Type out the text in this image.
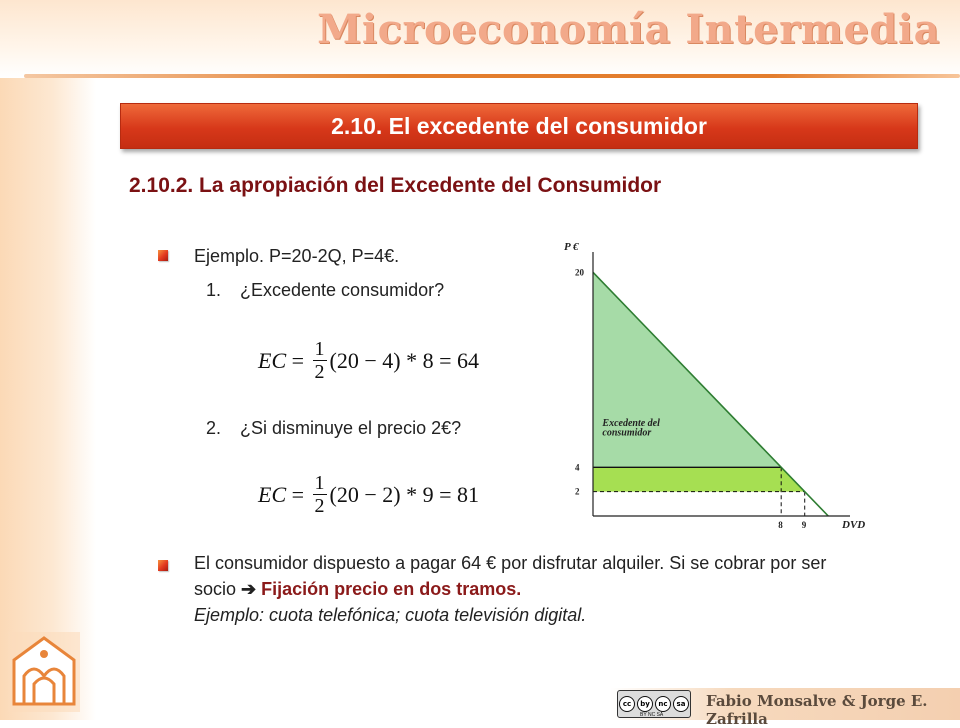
Microeconomía Intermedia
2.10. El excedente del consumidor
2.10.2. La apropiación del Excedente del Consumidor
Ejemplo. P=20-2Q, P=4€.
1. ¿Excedente consumidor?
EC = $\frac{1}{2} (20 - 4) * 8 = 64$
2. ¿Si disminuye el precio 2€?
EC = $\frac{1}{2} (20 - 2) * 9 = 81$
P €
DVD
20
4
2
8 9
Excedente del
consumidor
El consumidor dispuesto a pagar 64 € por disfrutar alquiler. Si se cobrar por ser socio ➔ Fijación precio en dos tramos.
Ejemplo: cuota telefónica; cuota televisión digital.
cc	by	nc	sa
BY NC SA
Fabio Monsalve & Jorge E. Zafrilla
